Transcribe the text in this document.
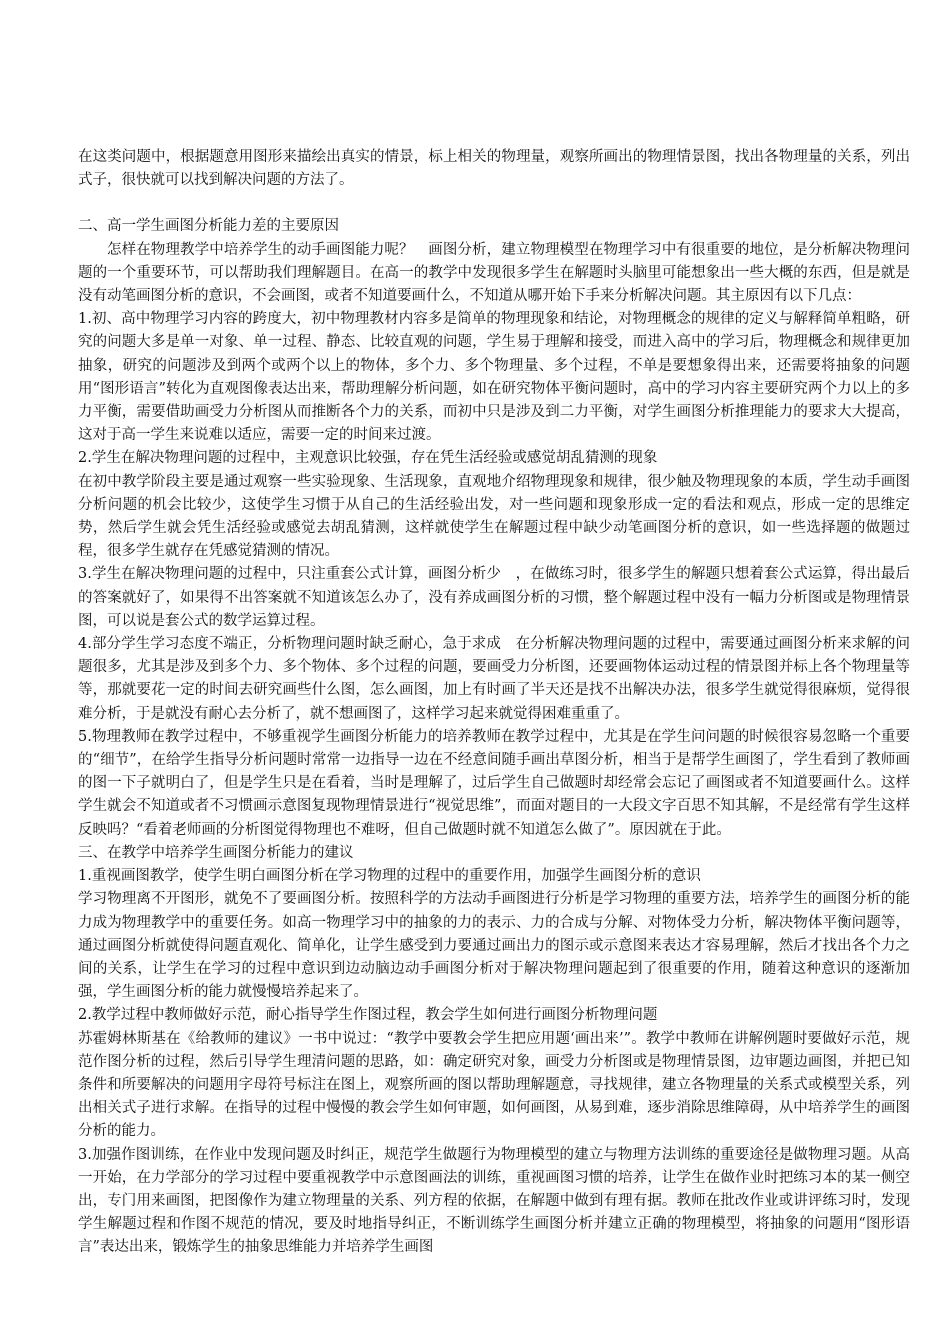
在这类问题中，根据题意用图形来描绘出真实的情景，标上相关的物理量，观察所画出的物理情景图，找出各物理量的关系，列出式子，很快就可以找到解决问题的方法了。

二、高一学生画图分析能力差的主要原因

怎样在物理教学中培养学生的动手画图能力呢？　画图分析，建立物理模型在物理学习中有很重要的地位，是分析解决物理问题的一个重要环节，可以帮助我们理解题目。在高一的教学中发现很多学生在解题时头脑里可能想象出一些大概的东西，但是就是没有动笔画图分析的意识，不会画图，或者不知道要画什么，不知道从哪开始下手来分析解决问题。其主原因有以下几点：

1.初、高中物理学习内容的跨度大，初中物理教材内容多是简单的物理现象和结论，对物理概念的规律的定义与解释简单粗略，研究的问题大多是单一对象、单一过程、静态、比较直观的问题，学生易于理解和接受，而进入高中的学习后，物理概念和规律更加抽象，研究的问题涉及到两个或两个以上的物体，多个力、多个物理量、多个过程，不单是要想象得出来，还需要将抽象的问题用“图形语言”转化为直观图像表达出来，帮助理解分析问题，如在研究物体平衡问题时，高中的学习内容主要研究两个力以上的多力平衡，需要借助画受力分析图从而推断各个力的关系，而初中只是涉及到二力平衡，对学生画图分析推理能力的要求大大提高，这对于高一学生来说难以适应，需要一定的时间来过渡。

2.学生在解决物理问题的过程中，主观意识比较强，存在凭生活经验或感觉胡乱猜测的现象

在初中教学阶段主要是通过观察一些实验现象、生活现象，直观地介绍物理现象和规律，很少触及物理现象的本质，学生动手画图分析问题的机会比较少，这使学生习惯于从自己的生活经验出发，对一些问题和现象形成一定的看法和观点，形成一定的思维定势，然后学生就会凭生活经验或感觉去胡乱猜测，这样就使学生在解题过程中缺少动笔画图分析的意识，如一些选择题的做题过程，很多学生就存在凭感觉猜测的情况。

3.学生在解决物理问题的过程中，只注重套公式计算，画图分析少　，在做练习时，很多学生的解题只想着套公式运算，得出最后的答案就好了，如果得不出答案就不知道该怎么办了，没有养成画图分析的习惯，整个解题过程中没有一幅力分析图或是物理情景图，可以说是套公式的数学运算过程。

4.部分学生学习态度不端正，分析物理问题时缺乏耐心，急于求成　在分析解决物理问题的过程中，需要通过画图分析来求解的问题很多，尤其是涉及到多个力、多个物体、多个过程的问题，要画受力分析图，还要画物体运动过程的情景图并标上各个物理量等等，那就要花一定的时间去研究画些什么图，怎么画图，加上有时画了半天还是找不出解决办法，很多学生就觉得很麻烦，觉得很难分析，于是就没有耐心去分析了，就不想画图了，这样学习起来就觉得困难重重了。

5.物理教师在教学过程中，不够重视学生画图分析能力的培养教师在教学过程中，尤其是在学生问问题的时候很容易忽略一个重要的“细节”，在给学生指导分析问题时常常一边指导一边在不经意间随手画出草图分析，相当于是帮学生画图了，学生看到了教师画的图一下子就明白了，但是学生只是在看着，当时是理解了，过后学生自己做题时却经常会忘记了画图或者不知道要画什么。这样学生就会不知道或者不习惯画示意图复现物理情景进行“视觉思维”，而面对题目的一大段文字百思不知其解，不是经常有学生这样反映吗？“看着老师画的分析图觉得物理也不难呀，但自己做题时就不知道怎么做了”。原因就在于此。

三、在教学中培养学生画图分析能力的建议

1.重视画图教学，使学生明白画图分析在学习物理的过程中的重要作用，加强学生画图分析的意识

学习物理离不开图形，就免不了要画图分析。按照科学的方法动手画图进行分析是学习物理的重要方法，培养学生的画图分析的能力成为物理教学中的重要任务。如高一物理学习中的抽象的力的表示、力的合成与分解、对物体受力分析，解决物体平衡问题等，通过画图分析就使得问题直观化、简单化，让学生感受到力要通过画出力的图示或示意图来表达才容易理解，然后才找出各个力之间的关系，让学生在学习的过程中意识到边动脑边动手画图分析对于解决物理问题起到了很重要的作用，随着这种意识的逐渐加强，学生画图分析的能力就慢慢培养起来了。

2.教学过程中教师做好示范，耐心指导学生作图过程，教会学生如何进行画图分析物理问题

苏霍姆林斯基在《给教师的建议》一书中说过：“教学中要教会学生把应用题‘画出来’”。教学中教师在讲解例题时要做好示范，规范作图分析的过程，然后引导学生理清问题的思路，如：确定研究对象，画受力分析图或是物理情景图，边审题边画图，并把已知条件和所要解决的问题用字母符号标注在图上，观察所画的图以帮助理解题意，寻找规律，建立各物理量的关系式或模型关系，列出相关式子进行求解。在指导的过程中慢慢的教会学生如何审题，如何画图，从易到难，逐步消除思维障碍，从中培养学生的画图分析的能力。

3.加强作图训练，在作业中发现问题及时纠正，规范学生做题行为物理模型的建立与物理方法训练的重要途径是做物理习题。从高一开始，在力学部分的学习过程中要重视教学中示意图画法的训练，重视画图习惯的培养，让学生在做作业时把练习本的某一侧空出，专门用来画图，把图像作为建立物理量的关系、列方程的依据，在解题中做到有理有据。教师在批改作业或讲评练习时，发现学生解题过程和作图不规范的情况，要及时地指导纠正，不断训练学生画图分析并建立正确的物理模型，将抽象的问题用“图形语言”表达出来，锻炼学生的抽象思维能力并培养学生画图
